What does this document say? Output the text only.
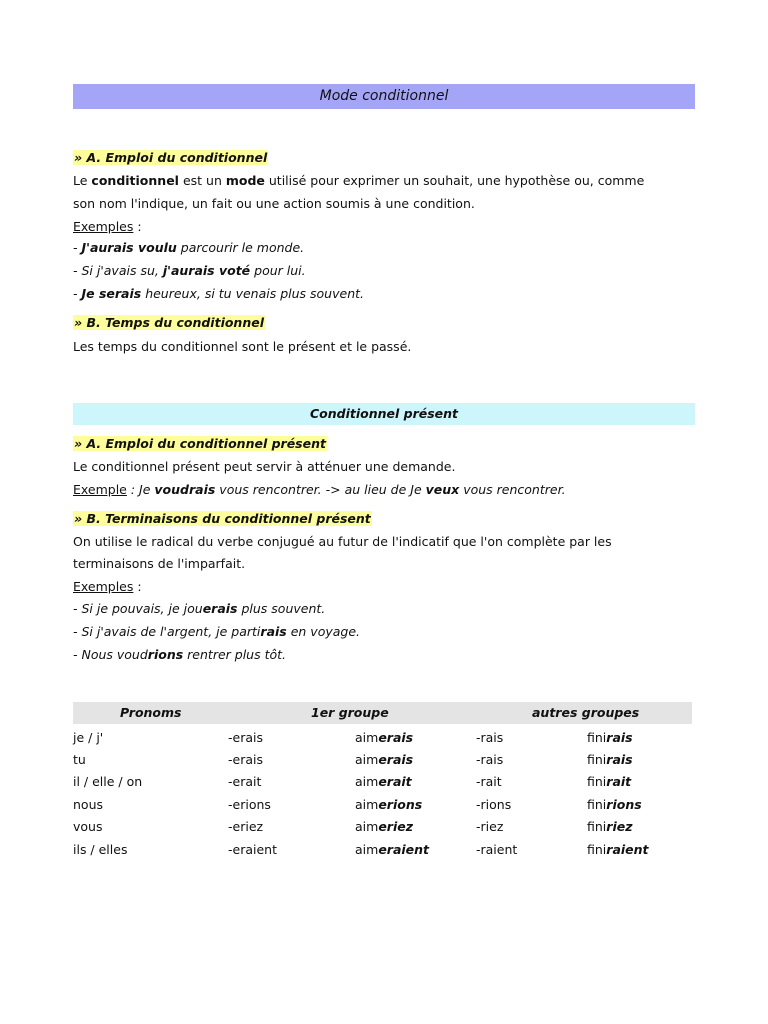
Mode conditionnel
» A. Emploi du conditionnel
Le conditionnel est un mode utilisé pour exprimer un souhait, une hypothèse ou, comme
son nom l'indique, un fait ou une action soumis à une condition.
Exemples :
- J'aurais voulu parcourir le monde.
- Si j'avais su, j'aurais voté pour lui.
- Je serais heureux, si tu venais plus souvent.
» B. Temps du conditionnel
Les temps du conditionnel sont le présent et le passé.
Conditionnel présent
» A. Emploi du conditionnel présent
Le conditionnel présent peut servir à atténuer une demande.
Exemple : Je voudrais vous rencontrer. -> au lieu de Je veux vous rencontrer.
» B. Terminaisons du conditionnel présent
On utilise le radical du verbe conjugué au futur de l'indicatif que l'on complète par les
terminaisons de l'imparfait.
Exemples :
- Si je pouvais, je jouerais plus souvent.
- Si j'avais de l'argent, je partirais en voyage.
- Nous voudrions rentrer plus tôt.
Pronoms	1er groupe	autres groupes
je / j'	-erais	aimerais	-rais	finirais
tu	-erais	aimerais	-rais	finirais
il / elle / on	-erait	aimerait	-rait	finirait
nous	-erions	aimerions	-rions	finirions
vous	-eriez	aimeriez	-riez	finiriez
ils / elles	-eraient	aimeraient	-raient	finiraient
